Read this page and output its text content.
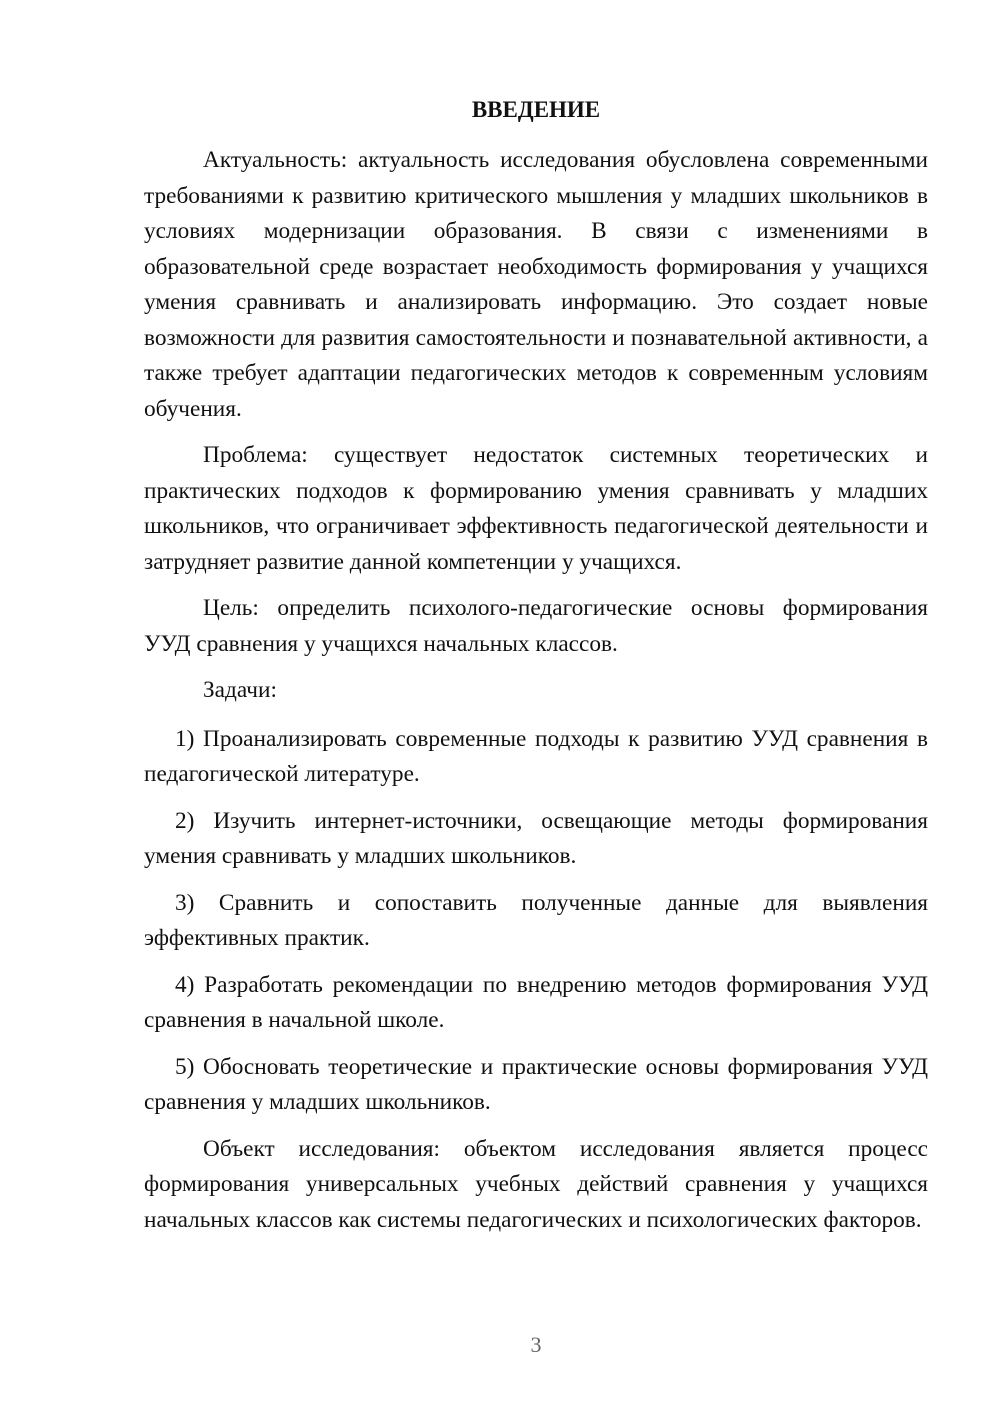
ВВЕДЕНИЕ

Актуальность: актуальность исследования обусловлена современными требованиями к развитию критического мышления у младших школьников в условиях модернизации образования. В связи с изменениями в образовательной среде возрастает необходимость формирования у учащихся умения сравнивать и анализировать информацию. Это создает новые возможности для развития самостоятельности и познавательной активности, а также требует адаптации педагогических методов к современным условиям обучения.

Проблема: существует недостаток системных теоретических и практических подходов к формированию умения сравнивать у младших школьников, что ограничивает эффективность педагогической деятельности и затрудняет развитие данной компетенции у учащихся.

Цель: определить психолого-педагогические основы формирования УУД сравнения у учащихся начальных классов.

Задачи:

1) Проанализировать современные подходы к развитию УУД сравнения в педагогической литературе.

2) Изучить интернет-источники, освещающие методы формирования умения сравнивать у младших школьников.

3) Сравнить и сопоставить полученные данные для выявления эффективных практик.

4) Разработать рекомендации по внедрению методов формирования УУД сравнения в начальной школе.

5) Обосновать теоретические и практические основы формирования УУД сравнения у младших школьников.

Объект исследования: объектом исследования является процесс формирования универсальных учебных действий сравнения у учащихся начальных классов как системы педагогических и психологических факторов.

3
